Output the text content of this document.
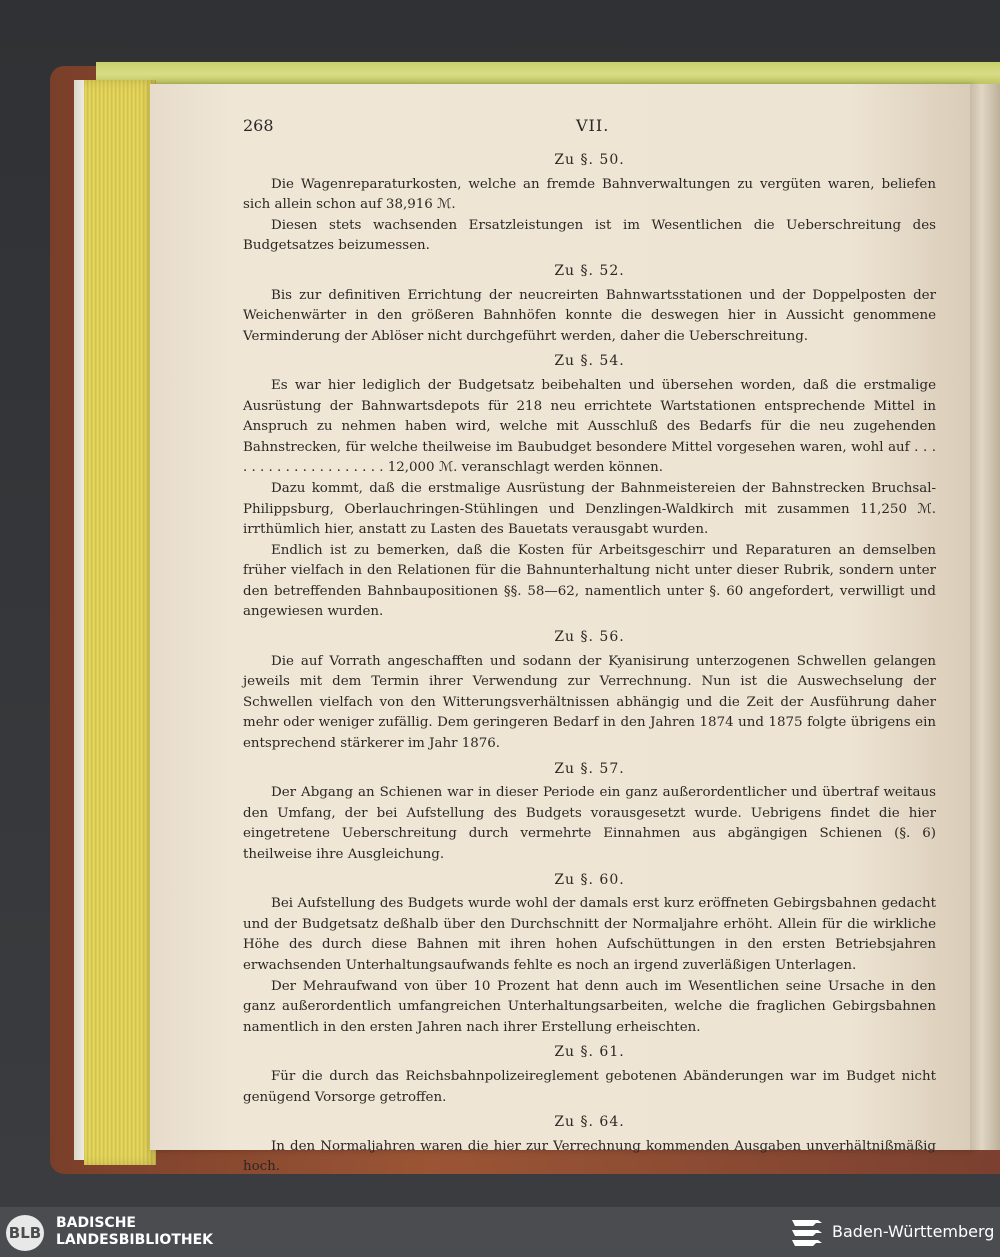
268	VII.
Zu §. 50.

Die Wagenreparaturkosten, welche an fremde Bahnverwaltungen zu vergüten waren, beliefen sich allein schon auf 38,916 ℳ.

Diesen stets wachsenden Ersatzleistungen ist im Wesentlichen die Ueberschreitung des Budgetsatzes beizumessen.

Zu §. 52.

Bis zur definitiven Errichtung der neucreirten Bahnwartsstationen und der Doppelposten der Weichenwärter in den größeren Bahnhöfen konnte die deswegen hier in Aussicht genommene Verminderung der Ablöser nicht durchgeführt werden, daher die Ueberschreitung.

Zu §. 54.

Es war hier lediglich der Budgetsatz beibehalten und übersehen worden, daß die erstmalige Ausrüstung der Bahnwartsdepots für 218 neu errichtete Wartstationen entsprechende Mittel in Anspruch zu nehmen haben wird, welche mit Ausschluß des Bedarfs für die neu zugehenden Bahnstrecken, für welche theilweise im Baubudget besondere Mittel vorgesehen waren, wohl auf . . . . . . . . . . . . . . . . . . . . 12,000 ℳ. veranschlagt werden können.

Dazu kommt, daß die erstmalige Ausrüstung der Bahnmeistereien der Bahnstrecken Bruchsal-Philippsburg, Oberlauchringen-Stühlingen und Denzlingen-Waldkirch mit zusammen 11,250 ℳ. irrthümlich hier, anstatt zu Lasten des Bauetats verausgabt wurden.

Endlich ist zu bemerken, daß die Kosten für Arbeitsgeschirr und Reparaturen an demselben früher vielfach in den Relationen für die Bahnunterhaltung nicht unter dieser Rubrik, sondern unter den betreffenden Bahnbaupositionen §§. 58—62, namentlich unter §. 60 angefordert, verwilligt und angewiesen wurden.

Zu §. 56.

Die auf Vorrath angeschafften und sodann der Kyanisirung unterzogenen Schwellen gelangen jeweils mit dem Termin ihrer Verwendung zur Verrechnung. Nun ist die Auswechselung der Schwellen vielfach von den Witterungsverhältnissen abhängig und die Zeit der Ausführung daher mehr oder weniger zufällig. Dem geringeren Bedarf in den Jahren 1874 und 1875 folgte übrigens ein entsprechend stärkerer im Jahr 1876.

Zu §. 57.

Der Abgang an Schienen war in dieser Periode ein ganz außerordentlicher und übertraf weitaus den Umfang, der bei Aufstellung des Budgets vorausgesetzt wurde. Uebrigens findet die hier eingetretene Ueberschreitung durch vermehrte Einnahmen aus abgängigen Schienen (§. 6) theilweise ihre Ausgleichung.

Zu §. 60.

Bei Aufstellung des Budgets wurde wohl der damals erst kurz eröffneten Gebirgsbahnen gedacht und der Budgetsatz deßhalb über den Durchschnitt der Normaljahre erhöht. Allein für die wirkliche Höhe des durch diese Bahnen mit ihren hohen Aufschüttungen in den ersten Betriebsjahren erwachsenden Unterhaltungsaufwands fehlte es noch an irgend zuverläßigen Unterlagen.

Der Mehraufwand von über 10 Prozent hat denn auch im Wesentlichen seine Ursache in den ganz außerordentlich umfangreichen Unterhaltungsarbeiten, welche die fraglichen Gebirgsbahnen namentlich in den ersten Jahren nach ihrer Erstellung erheischten.

Zu §. 61.

Für die durch das Reichsbahnpolizeireglement gebotenen Abänderungen war im Budget nicht genügend Vorsorge getroffen.

Zu §. 64.

In den Normaljahren waren die hier zur Verrechnung kommenden Ausgaben unverhältnißmäßig hoch.

BLB
BADISCHE
LANDESBIBLIOTHEK	Baden-Württemberg
